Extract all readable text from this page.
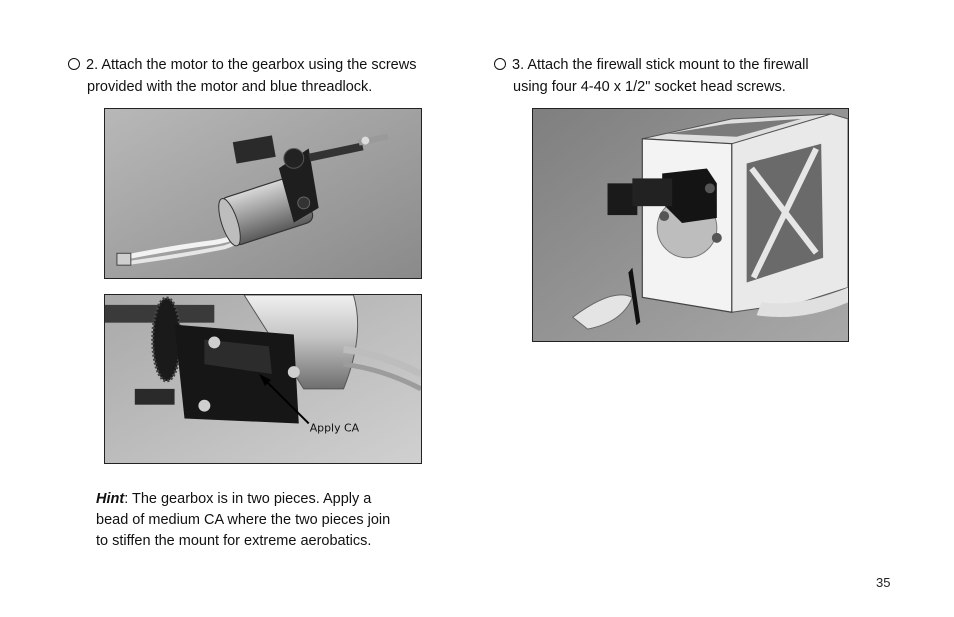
2. Attach the motor to the gearbox using the screws
provided with the motor and blue threadlock.
3. Attach the firewall stick mount to the firewall
using four 4-40 x 1/2" socket head screws.
Apply CA
Hint: The gearbox is in two pieces. Apply a
bead of medium CA where the two pieces join
to stiffen the mount for extreme aerobatics.
35
